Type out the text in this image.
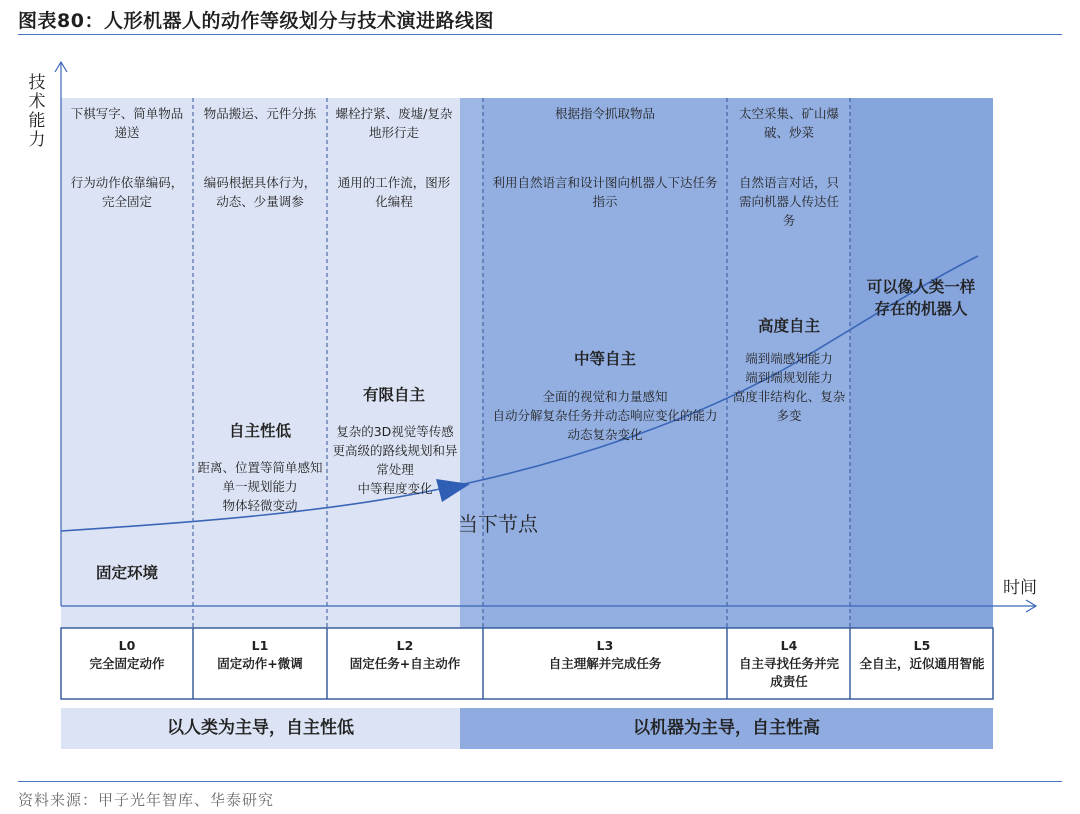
图表80：人形机器人的动作等级划分与技术演进路线图
资料来源：甲子光年智库、华泰研究
技术能力
时间
当下节点
下棋写字、简单物品递送
行为动作依靠编码，完全固定
固定环境
物品搬运、元件分拣
编码根据具体行为，动态、少量调参
自主性低
距离、位置等简单感知
单一规划能力
物体轻微变动
螺栓拧紧、废墟/复杂地形行走
通用的工作流，图形化编程
有限自主
复杂的3D视觉等传感
更高级的路线规划和异常处理
中等程度变化
根据指令抓取物品
利用自然语言和设计图向机器人下达任务指示
中等自主
全面的视觉和力量感知
自动分解复杂任务并动态响应变化的能力
动态复杂变化
太空采集、矿山爆破、炒菜
自然语言对话，只需向机器人传达任务
高度自主
端到端感知能力
端到端规划能力
高度非结构化、复杂多变
可以像人类一样存在的机器人
L0
完全固定动作
L1
固定动作+微调
L2
固定任务+自主动作
L3
自主理解并完成任务
L4
自主寻找任务并完成责任
L5
全自主，近似通用智能
以人类为主导，自主性低	以机器为主导，自主性高
